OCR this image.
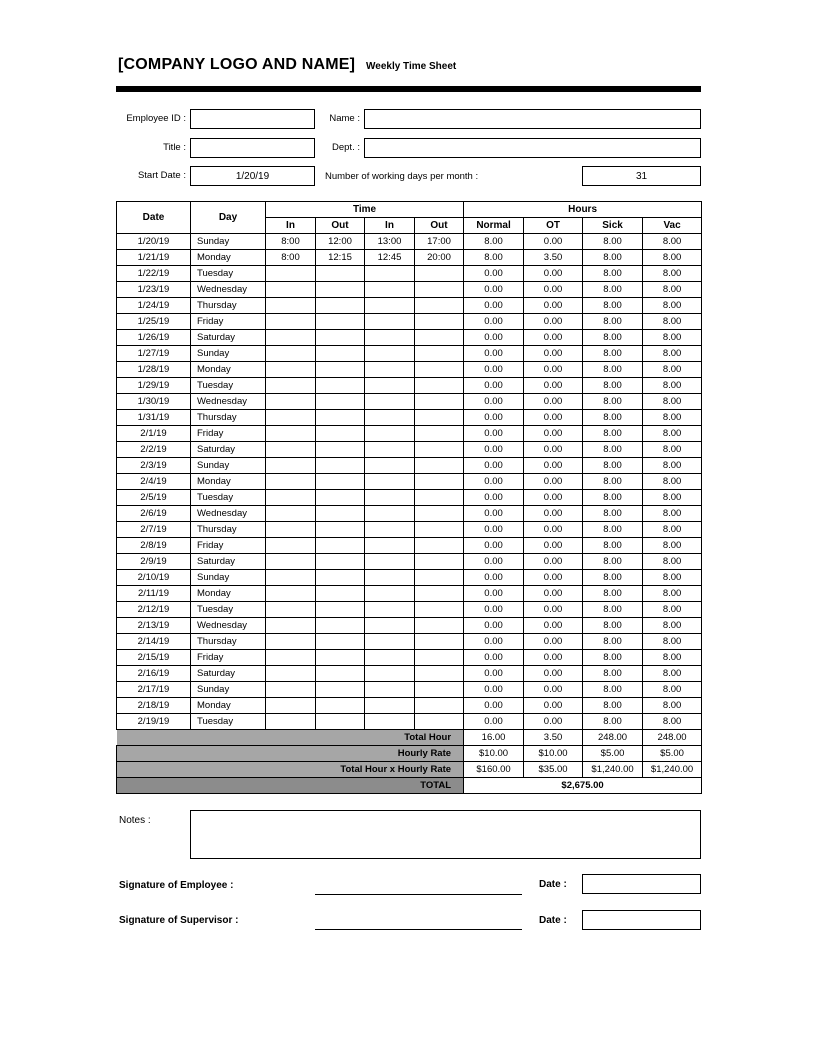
[COMPANY LOGO AND NAME] Weekly Time Sheet
Employee ID :	Name :
Title :	Dept. :
Start Date :	1/20/19	Number of working days per month :	31
Date	Day	Time				Hours			
		In	Out	In	Out	Normal	OT	Sick	Vac
1/20/19	Sunday	8:00	12:00	13:00	17:00	8.00	0.00	8.00	8.00
1/21/19	Monday	8:00	12:15	12:45	20:00	8.00	3.50	8.00	8.00
1/22/19	Tuesday					0.00	0.00	8.00	8.00
1/23/19	Wednesday					0.00	0.00	8.00	8.00
1/24/19	Thursday					0.00	0.00	8.00	8.00
1/25/19	Friday					0.00	0.00	8.00	8.00
1/26/19	Saturday					0.00	0.00	8.00	8.00
1/27/19	Sunday					0.00	0.00	8.00	8.00
1/28/19	Monday					0.00	0.00	8.00	8.00
1/29/19	Tuesday					0.00	0.00	8.00	8.00
1/30/19	Wednesday					0.00	0.00	8.00	8.00
1/31/19	Thursday					0.00	0.00	8.00	8.00
2/1/19	Friday					0.00	0.00	8.00	8.00
2/2/19	Saturday					0.00	0.00	8.00	8.00
2/3/19	Sunday					0.00	0.00	8.00	8.00
2/4/19	Monday					0.00	0.00	8.00	8.00
2/5/19	Tuesday					0.00	0.00	8.00	8.00
2/6/19	Wednesday					0.00	0.00	8.00	8.00
2/7/19	Thursday					0.00	0.00	8.00	8.00
2/8/19	Friday					0.00	0.00	8.00	8.00
2/9/19	Saturday					0.00	0.00	8.00	8.00
2/10/19	Sunday					0.00	0.00	8.00	8.00
2/11/19	Monday					0.00	0.00	8.00	8.00
2/12/19	Tuesday					0.00	0.00	8.00	8.00
2/13/19	Wednesday					0.00	0.00	8.00	8.00
2/14/19	Thursday					0.00	0.00	8.00	8.00
2/15/19	Friday					0.00	0.00	8.00	8.00
2/16/19	Saturday					0.00	0.00	8.00	8.00
2/17/19	Sunday					0.00	0.00	8.00	8.00
2/18/19	Monday					0.00	0.00	8.00	8.00
2/19/19	Tuesday					0.00	0.00	8.00	8.00
Total Hour						16.00	3.50	248.00	248.00
Hourly Rate						$10.00	$10.00	$5.00	$5.00
Total Hour x Hourly Rate						$160.00	$35.00	$1,240.00	$1,240.00
TOTAL						$2,675.00			
Notes :
Signature of Employee :	Date :
Signature of Supervisor :	Date :
